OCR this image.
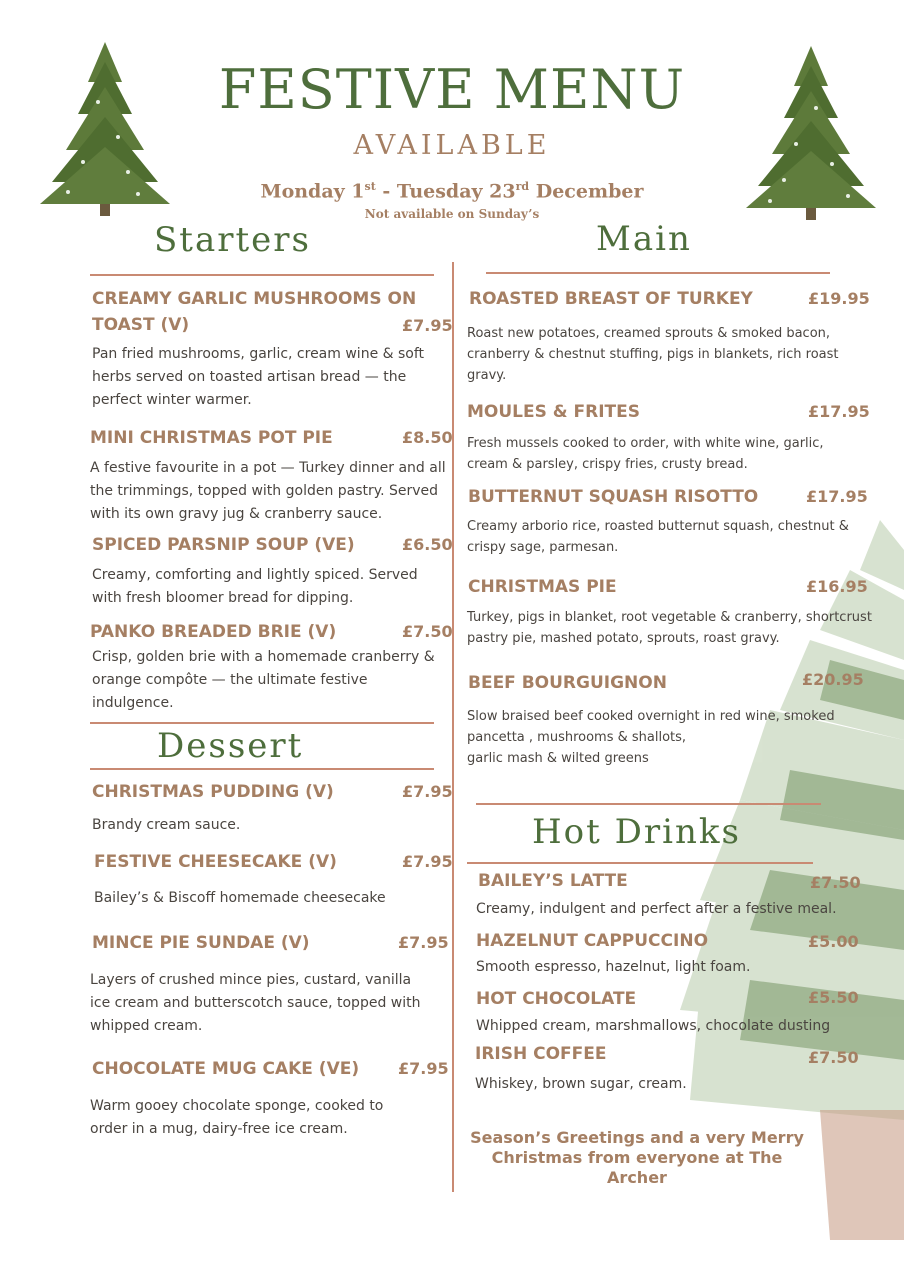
FESTIVE MENU
AVAILABLE
Monday 1st - Tuesday 23rd December
Not available on Sunday’s
Starters
CREAMY GARLIC MUSHROOMS ON
TOAST (V)	£7.95
Pan fried mushrooms, garlic, cream wine & soft herbs served on toasted artisan bread — the perfect winter warmer.
MINI CHRISTMAS POT PIE	£8.50
A festive favourite in a pot — Turkey dinner and all the trimmings, topped with golden pastry. Served with its own gravy jug & cranberry sauce.
SPICED PARSNIP SOUP (VE)	£6.50
Creamy, comforting and lightly spiced. Served with fresh bloomer bread for dipping.
PANKO BREADED BRIE (V)	£7.50
Crisp, golden brie with a homemade cranberry & orange compôte — the ultimate festive indulgence.
Dessert
CHRISTMAS PUDDING (V)	£7.95
Brandy cream sauce.
FESTIVE CHEESECAKE (V)	£7.95
Bailey’s & Biscoff homemade cheesecake
MINCE PIE SUNDAE (V)	£7.95
Layers of crushed mince pies, custard, vanilla ice cream and butterscotch sauce, topped with whipped cream.
CHOCOLATE MUG CAKE (VE) £7.95
Warm gooey chocolate sponge, cooked to order in a mug, dairy-free ice cream.
Main
ROASTED BREAST OF TURKEY	£19.95
Roast new potatoes, creamed sprouts & smoked bacon, cranberry & chestnut stuffing, pigs in blankets, rich roast gravy.
MOULES & FRITES	£17.95
Fresh mussels cooked to order, with white wine, garlic, cream & parsley, crispy fries, crusty bread.
BUTTERNUT SQUASH RISOTTO	£17.95
Creamy arborio rice, roasted butternut squash, chestnut & crispy sage, parmesan.
CHRISTMAS PIE	£16.95
Turkey, pigs in blanket, root vegetable & cranberry, shortcrust pastry pie, mashed potato, sprouts, roast gravy.
BEEF BOURGUIGNON	£20.95
Slow braised beef cooked overnight in red wine, smoked pancetta , mushrooms & shallots,
garlic mash & wilted greens
Hot Drinks
BAILEY’S LATTE	£7.50
Creamy, indulgent and perfect after a festive meal.
HAZELNUT CAPPUCCINO	£5.00
Smooth espresso, hazelnut, light foam.
HOT CHOCOLATE	£5.50
Whipped cream, marshmallows, chocolate dusting
IRISH COFFEE	£7.50
Whiskey, brown sugar, cream.
Season’s Greetings and a very Merry Christmas from everyone at The Archer
